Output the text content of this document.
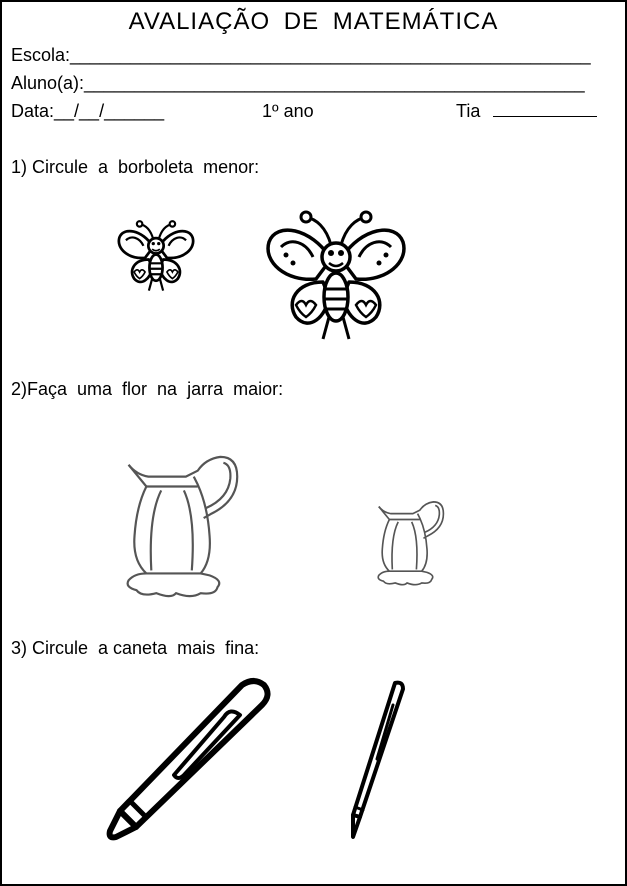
AVALIAÇÃO DE MATEMÁTICA
Escola:____________________________________________________
Aluno(a):__________________________________________________
Data:__/__/______	1º ano	Tia
1) Circule  a  borboleta  menor:
2)Faça  uma  flor  na  jarra  maior:
3) Circule  a caneta  mais  fina:
